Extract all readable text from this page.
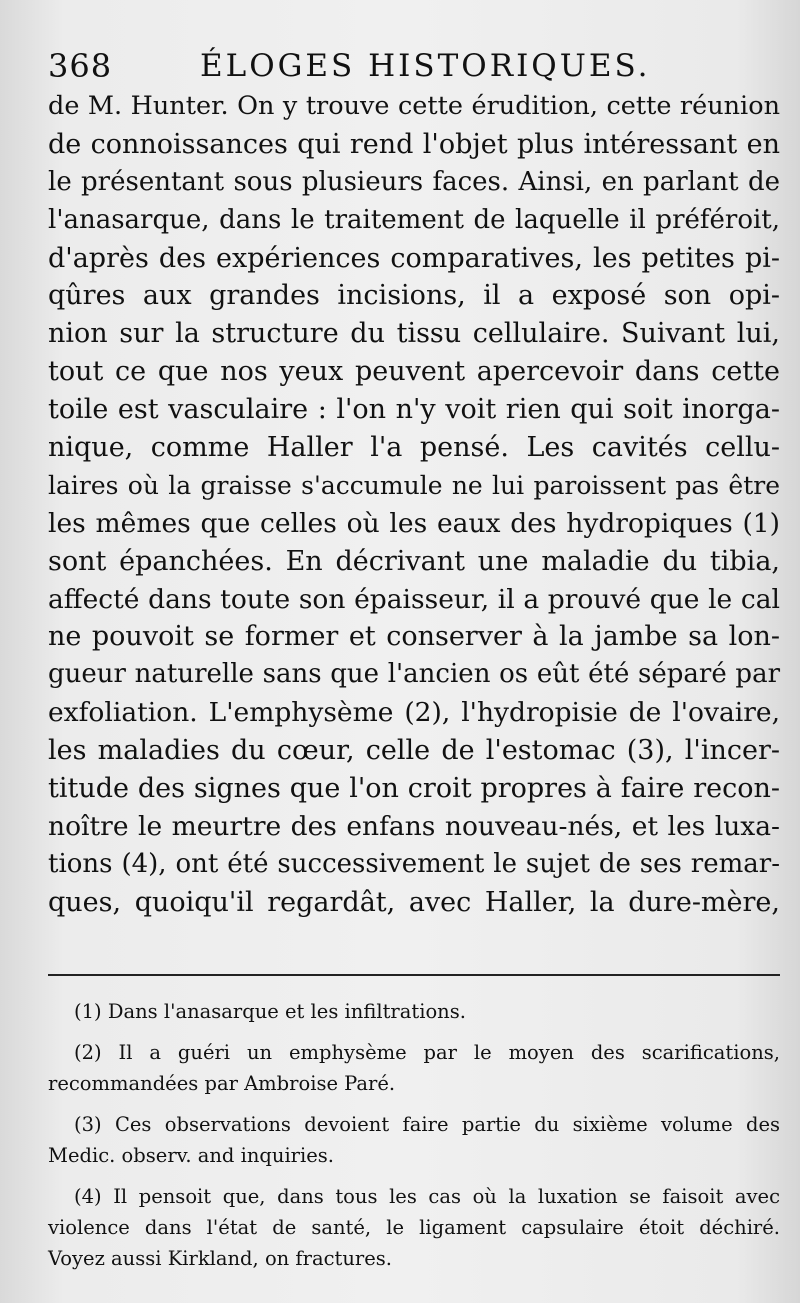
368	ÉLOGES HISTORIQUES.
de M. Hunter. On y trouve cette érudition, cette réunion
de connoissances qui rend l'objet plus intéressant en
le présentant sous plusieurs faces. Ainsi, en parlant de
l'anasarque, dans le traitement de laquelle il préféroit,
d'après des expériences comparatives, les petites pi-
qûres aux grandes incisions, il a exposé son opi-
nion sur la structure du tissu cellulaire. Suivant lui,
tout ce que nos yeux peuvent apercevoir dans cette
toile est vasculaire : l'on n'y voit rien qui soit inorga-
nique, comme Haller l'a pensé. Les cavités cellu-
laires où la graisse s'accumule ne lui paroissent pas être
les mêmes que celles où les eaux des hydropiques (1)
sont épanchées. En décrivant une maladie du tibia,
affecté dans toute son épaisseur, il a prouvé que le cal
ne pouvoit se former et conserver à la jambe sa lon-
gueur naturelle sans que l'ancien os eût été séparé par
exfoliation. L'emphysème (2), l'hydropisie de l'ovaire,
les maladies du cœur, celle de l'estomac (3), l'incer-
titude des signes que l'on croit propres à faire recon-
noître le meurtre des enfans nouveau-nés, et les luxa-
tions (4), ont été successivement le sujet de ses remar-
ques, quoiqu'il regardât, avec Haller, la dure-mère,
(1) Dans l'anasarque et les infiltrations.
(2) Il a guéri un emphysème par le moyen des scarifications,
recommandées par Ambroise Paré.
(3) Ces observations devoient faire partie du sixième volume des
Medic. observ. and inquiries.
(4) Il pensoit que, dans tous les cas où la luxation se faisoit avec
violence dans l'état de santé, le ligament capsulaire étoit déchiré.
Voyez aussi Kirkland, on fractures.
